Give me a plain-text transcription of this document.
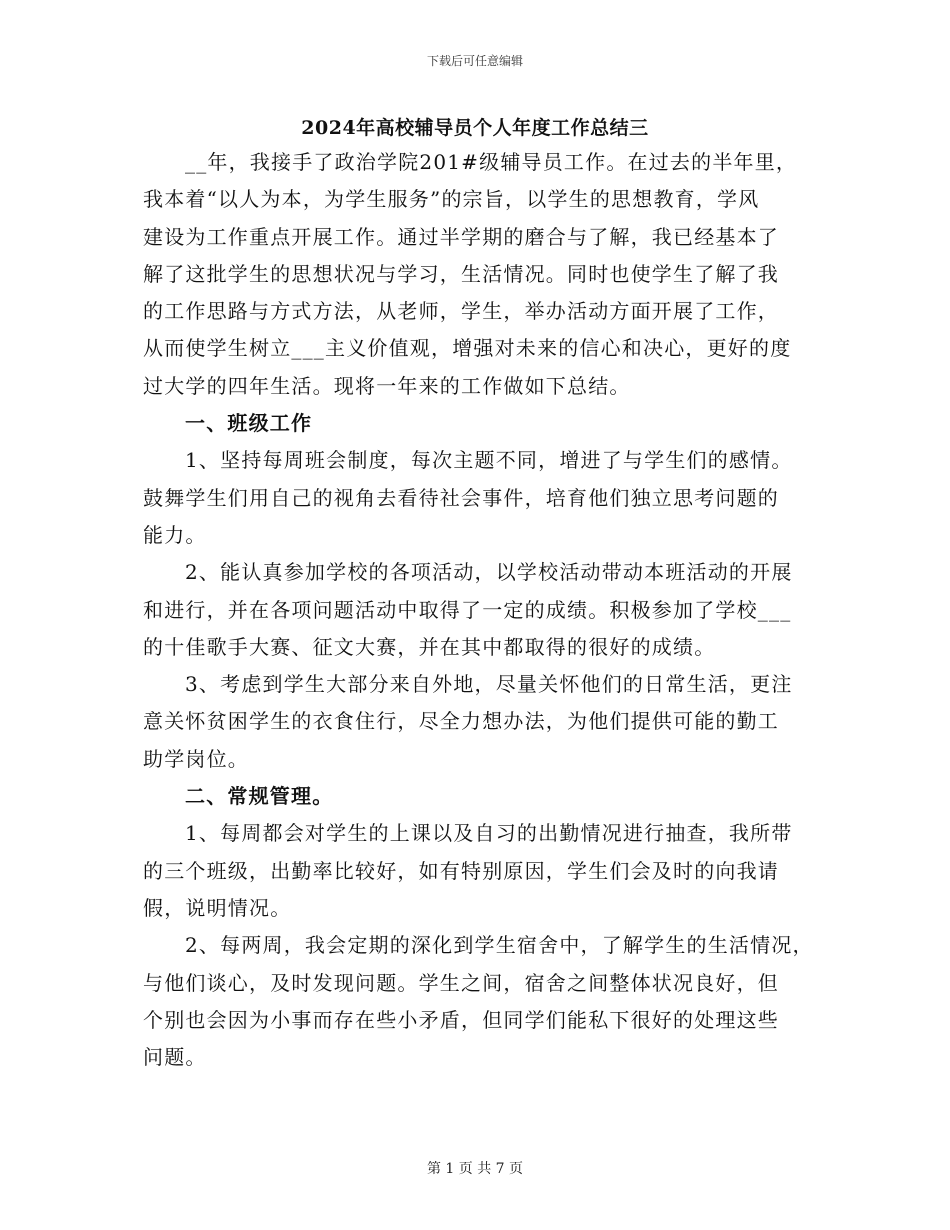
下载后可任意编辑
2024年高校辅导员个人年度工作总结三
__年，我接手了政治学院201#级辅导员工作。在过去的半年里，
我本着“以人为本，为学生服务”的宗旨，以学生的思想教育，学风
建设为工作重点开展工作。通过半学期的磨合与了解，我已经基本了
解了这批学生的思想状况与学习，生活情况。同时也使学生了解了我
的工作思路与方式方法，从老师，学生，举办活动方面开展了工作，
从而使学生树立___主义价值观，增强对未来的信心和决心，更好的度
过大学的四年生活。现将一年来的工作做如下总结。
一、班级工作
1、坚持每周班会制度，每次主题不同，增进了与学生们的感情。
鼓舞学生们用自己的视角去看待社会事件，培育他们独立思考问题的
能力。
2、能认真参加学校的各项活动，以学校活动带动本班活动的开展
和进行，并在各项问题活动中取得了一定的成绩。积极参加了学校___
的十佳歌手大赛、征文大赛，并在其中都取得的很好的成绩。
3、考虑到学生大部分来自外地，尽量关怀他们的日常生活，更注
意关怀贫困学生的衣食住行，尽全力想办法，为他们提供可能的勤工
助学岗位。
二、常规管理。
1、每周都会对学生的上课以及自习的出勤情况进行抽查，我所带
的三个班级，出勤率比较好，如有特别原因，学生们会及时的向我请
假，说明情况。
2、每两周，我会定期的深化到学生宿舍中，了解学生的生活情况，
与他们谈心，及时发现问题。学生之间，宿舍之间整体状况良好，但
个别也会因为小事而存在些小矛盾，但同学们能私下很好的处理这些
问题。
第 1 页 共 7 页
